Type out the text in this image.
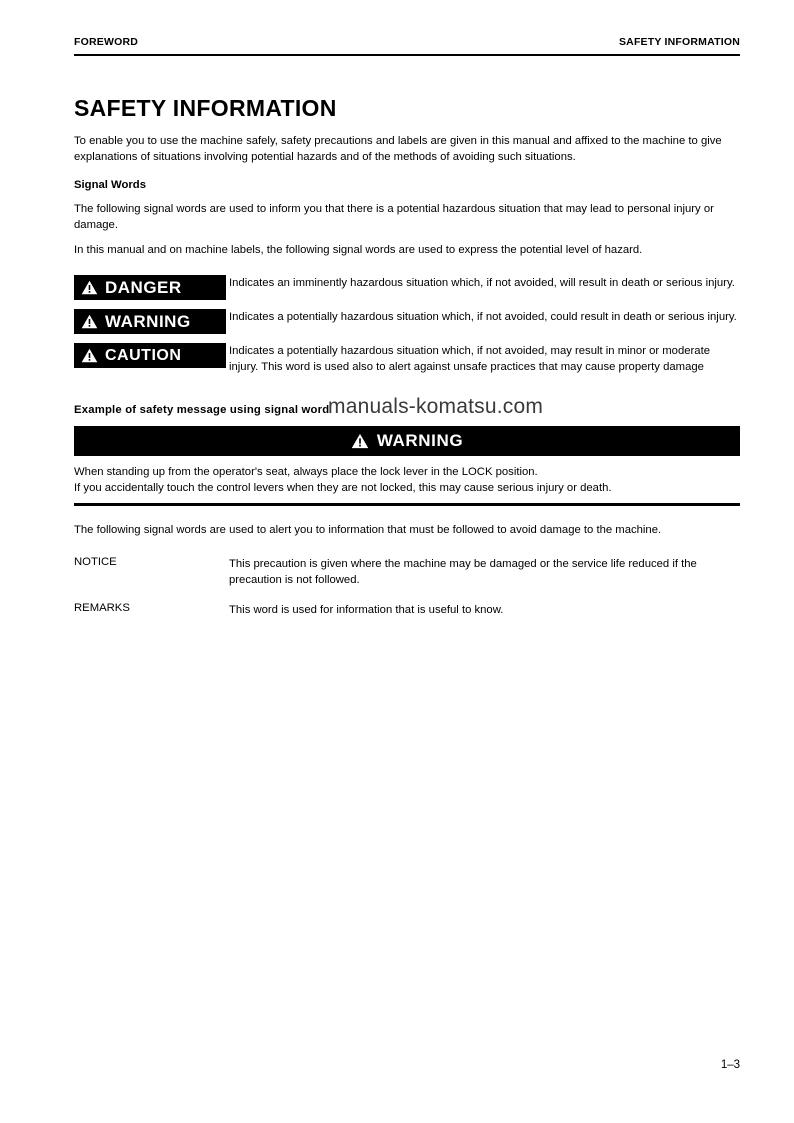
FOREWORD	SAFETY INFORMATION
SAFETY INFORMATION

To enable you to use the machine safely, safety precautions and labels are given in this manual and affixed to the machine to give explanations of situations involving potential hazards and of the methods of avoiding such situations.

Signal Words

The following signal words are used to inform you that there is a potential hazardous situation that may lead to personal injury or damage.

In this manual and on machine labels, the following signal words are used to express the potential level of hazard.

DANGER	Indicates an imminently hazardous situation which, if not avoided, will result in death or serious injury.
WARNING	Indicates a potentially hazardous situation which, if not avoided, could result in death or serious injury.
CAUTION	Indicates a potentially hazardous situation which, if not avoided, may result in minor or moderate injury. This word is used also to alert against unsafe practices that may cause property damage
Example of safety message using signal word
WARNING
When standing up from the operator's seat, always place the lock lever in the LOCK position.
If you accidentally touch the control levers when they are not locked, this may cause serious injury or death.

The following signal words are used to alert you to information that must be followed to avoid damage to the machine.

NOTICE	This precaution is given where the machine may be damaged or the service life reduced if the precaution is not followed.
REMARKS	This word is used for information that is useful to know.
manuals-komatsu.com
1–3
